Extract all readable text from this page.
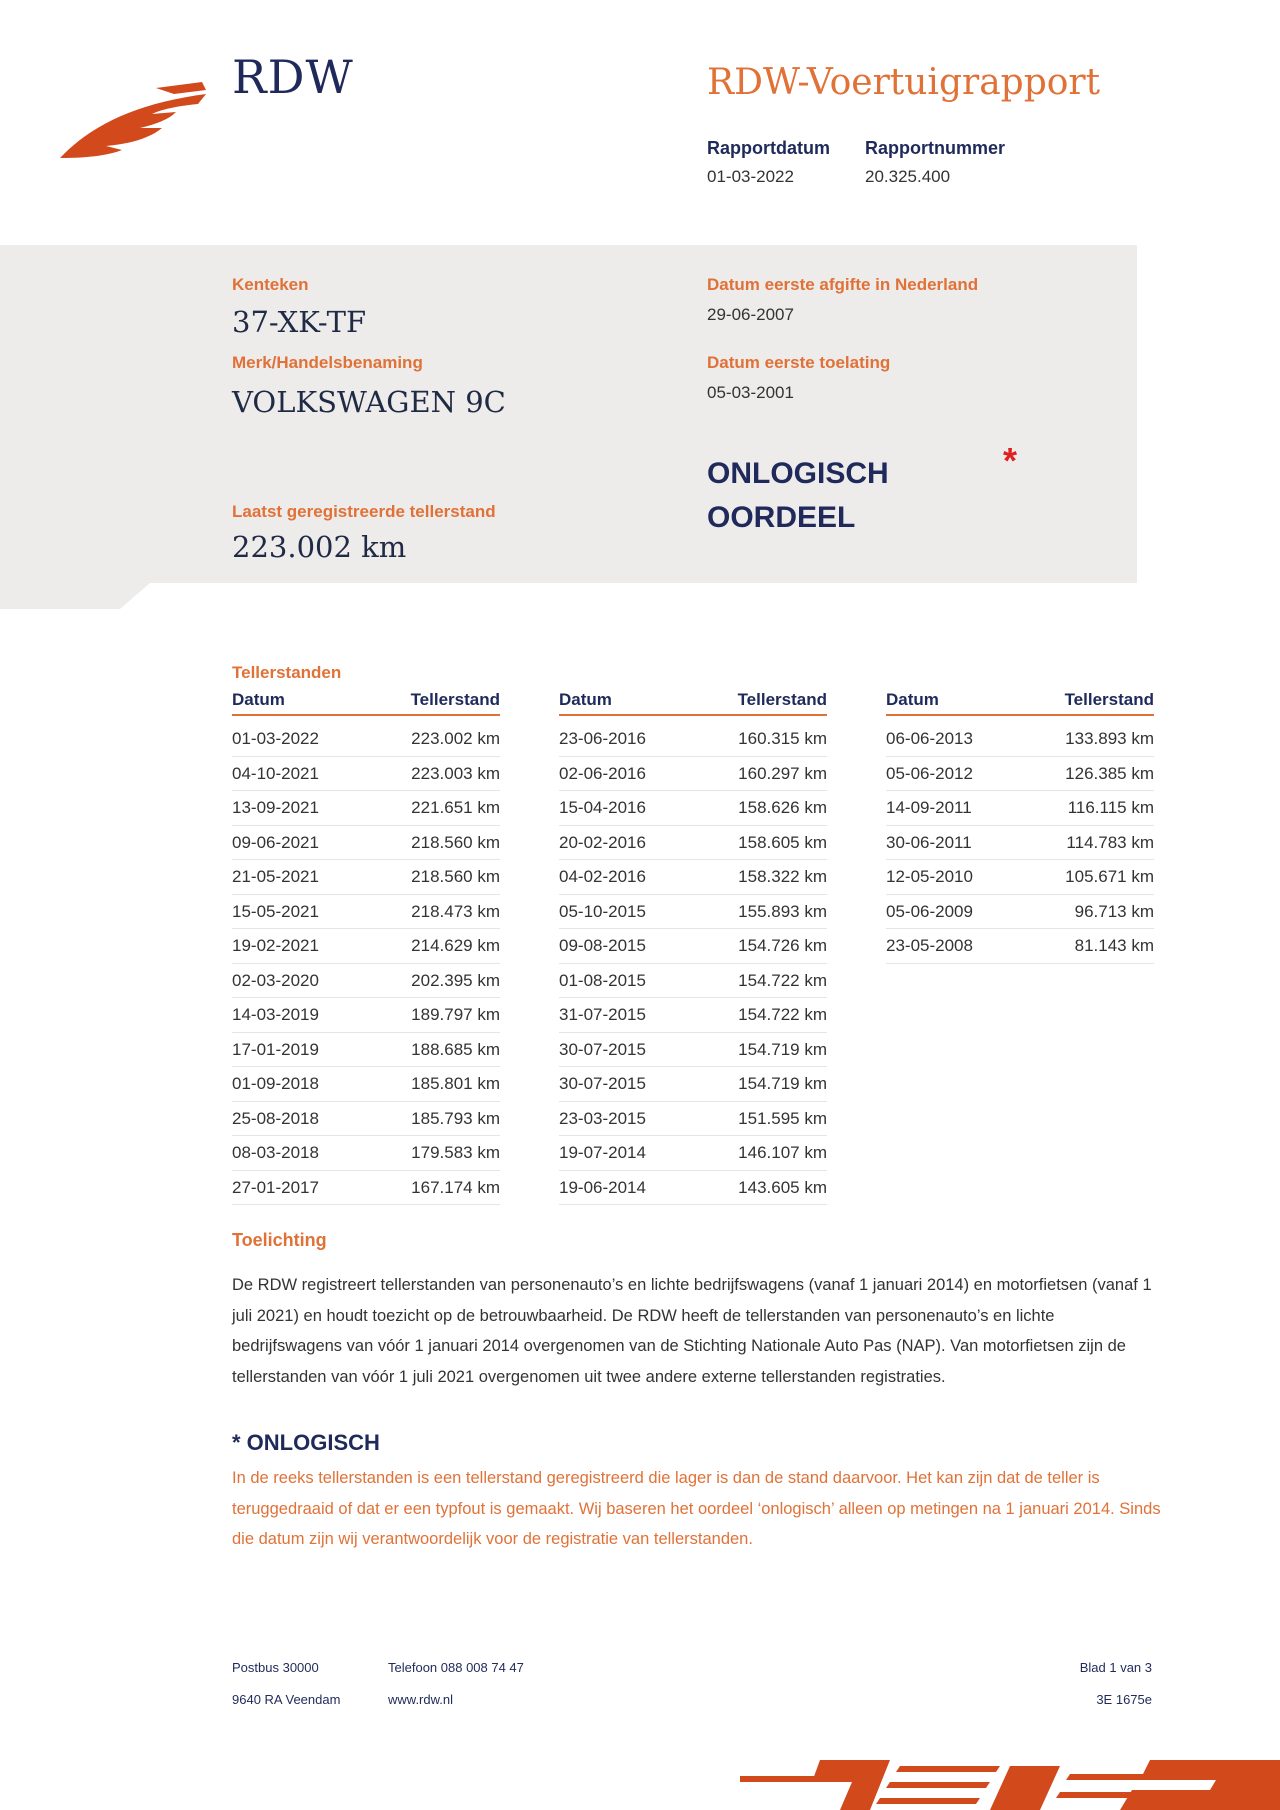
RDW	RDW-Voertuigrapport
Rapportdatum
01-03-2022
Rapportnummer
20.325.400
Kenteken
37-XK-TF
Merk/Handelsbenaming
VOLKSWAGEN 9C
Laatst geregistreerde tellerstand
223.002 km
Datum eerste afgifte in Nederland
29-06-2007
Datum eerste toelating
05-03-2001
ONLOGISCH
OORDEEL
*
Tellerstanden
Datum	Tellerstand
01-03-2022	223.002 km
04-10-2021	223.003 km
13-09-2021	221.651 km
09-06-2021	218.560 km
21-05-2021	218.560 km
15-05-2021	218.473 km
19-02-2021	214.629 km
02-03-2020	202.395 km
14-03-2019	189.797 km
17-01-2019	188.685 km
01-09-2018	185.801 km
25-08-2018	185.793 km
08-03-2018	179.583 km
27-01-2017	167.174 km
Datum	Tellerstand
23-06-2016	160.315 km
02-06-2016	160.297 km
15-04-2016	158.626 km
20-02-2016	158.605 km
04-02-2016	158.322 km
05-10-2015	155.893 km
09-08-2015	154.726 km
01-08-2015	154.722 km
31-07-2015	154.722 km
30-07-2015	154.719 km
30-07-2015	154.719 km
23-03-2015	151.595 km
19-07-2014	146.107 km
19-06-2014	143.605 km
Datum	Tellerstand
06-06-2013	133.893 km
05-06-2012	126.385 km
14-09-2011	116.115 km
30-06-2011	114.783 km
12-05-2010	105.671 km
05-06-2009	96.713 km
23-05-2008	81.143 km
Toelichting
De RDW registreert tellerstanden van personenauto’s en lichte bedrijfswagens (vanaf 1 januari 2014) en motorfietsen (vanaf 1 juli 2021) en houdt toezicht op de betrouwbaarheid. De RDW heeft de tellerstanden van personenauto’s en lichte bedrijfswagens van vóór 1 januari 2014 overgenomen van de Stichting Nationale Auto Pas (NAP). Van motorfietsen zijn de tellerstanden van vóór 1 juli 2021 overgenomen uit twee andere externe tellerstanden registraties.
* ONLOGISCH
In de reeks tellerstanden is een tellerstand geregistreerd die lager is dan de stand daarvoor. Het kan zijn dat de teller is teruggedraaid of dat er een typfout is gemaakt. Wij baseren het oordeel ‘onlogisch’ alleen op metingen na 1 januari 2014. Sinds die datum zijn wij verantwoordelijk voor de registratie van tellerstanden.
Postbus 30000
9640 RA Veendam
Telefoon 088 008 74 47
www.rdw.nl
Blad 1 van 3
3E 1675e
